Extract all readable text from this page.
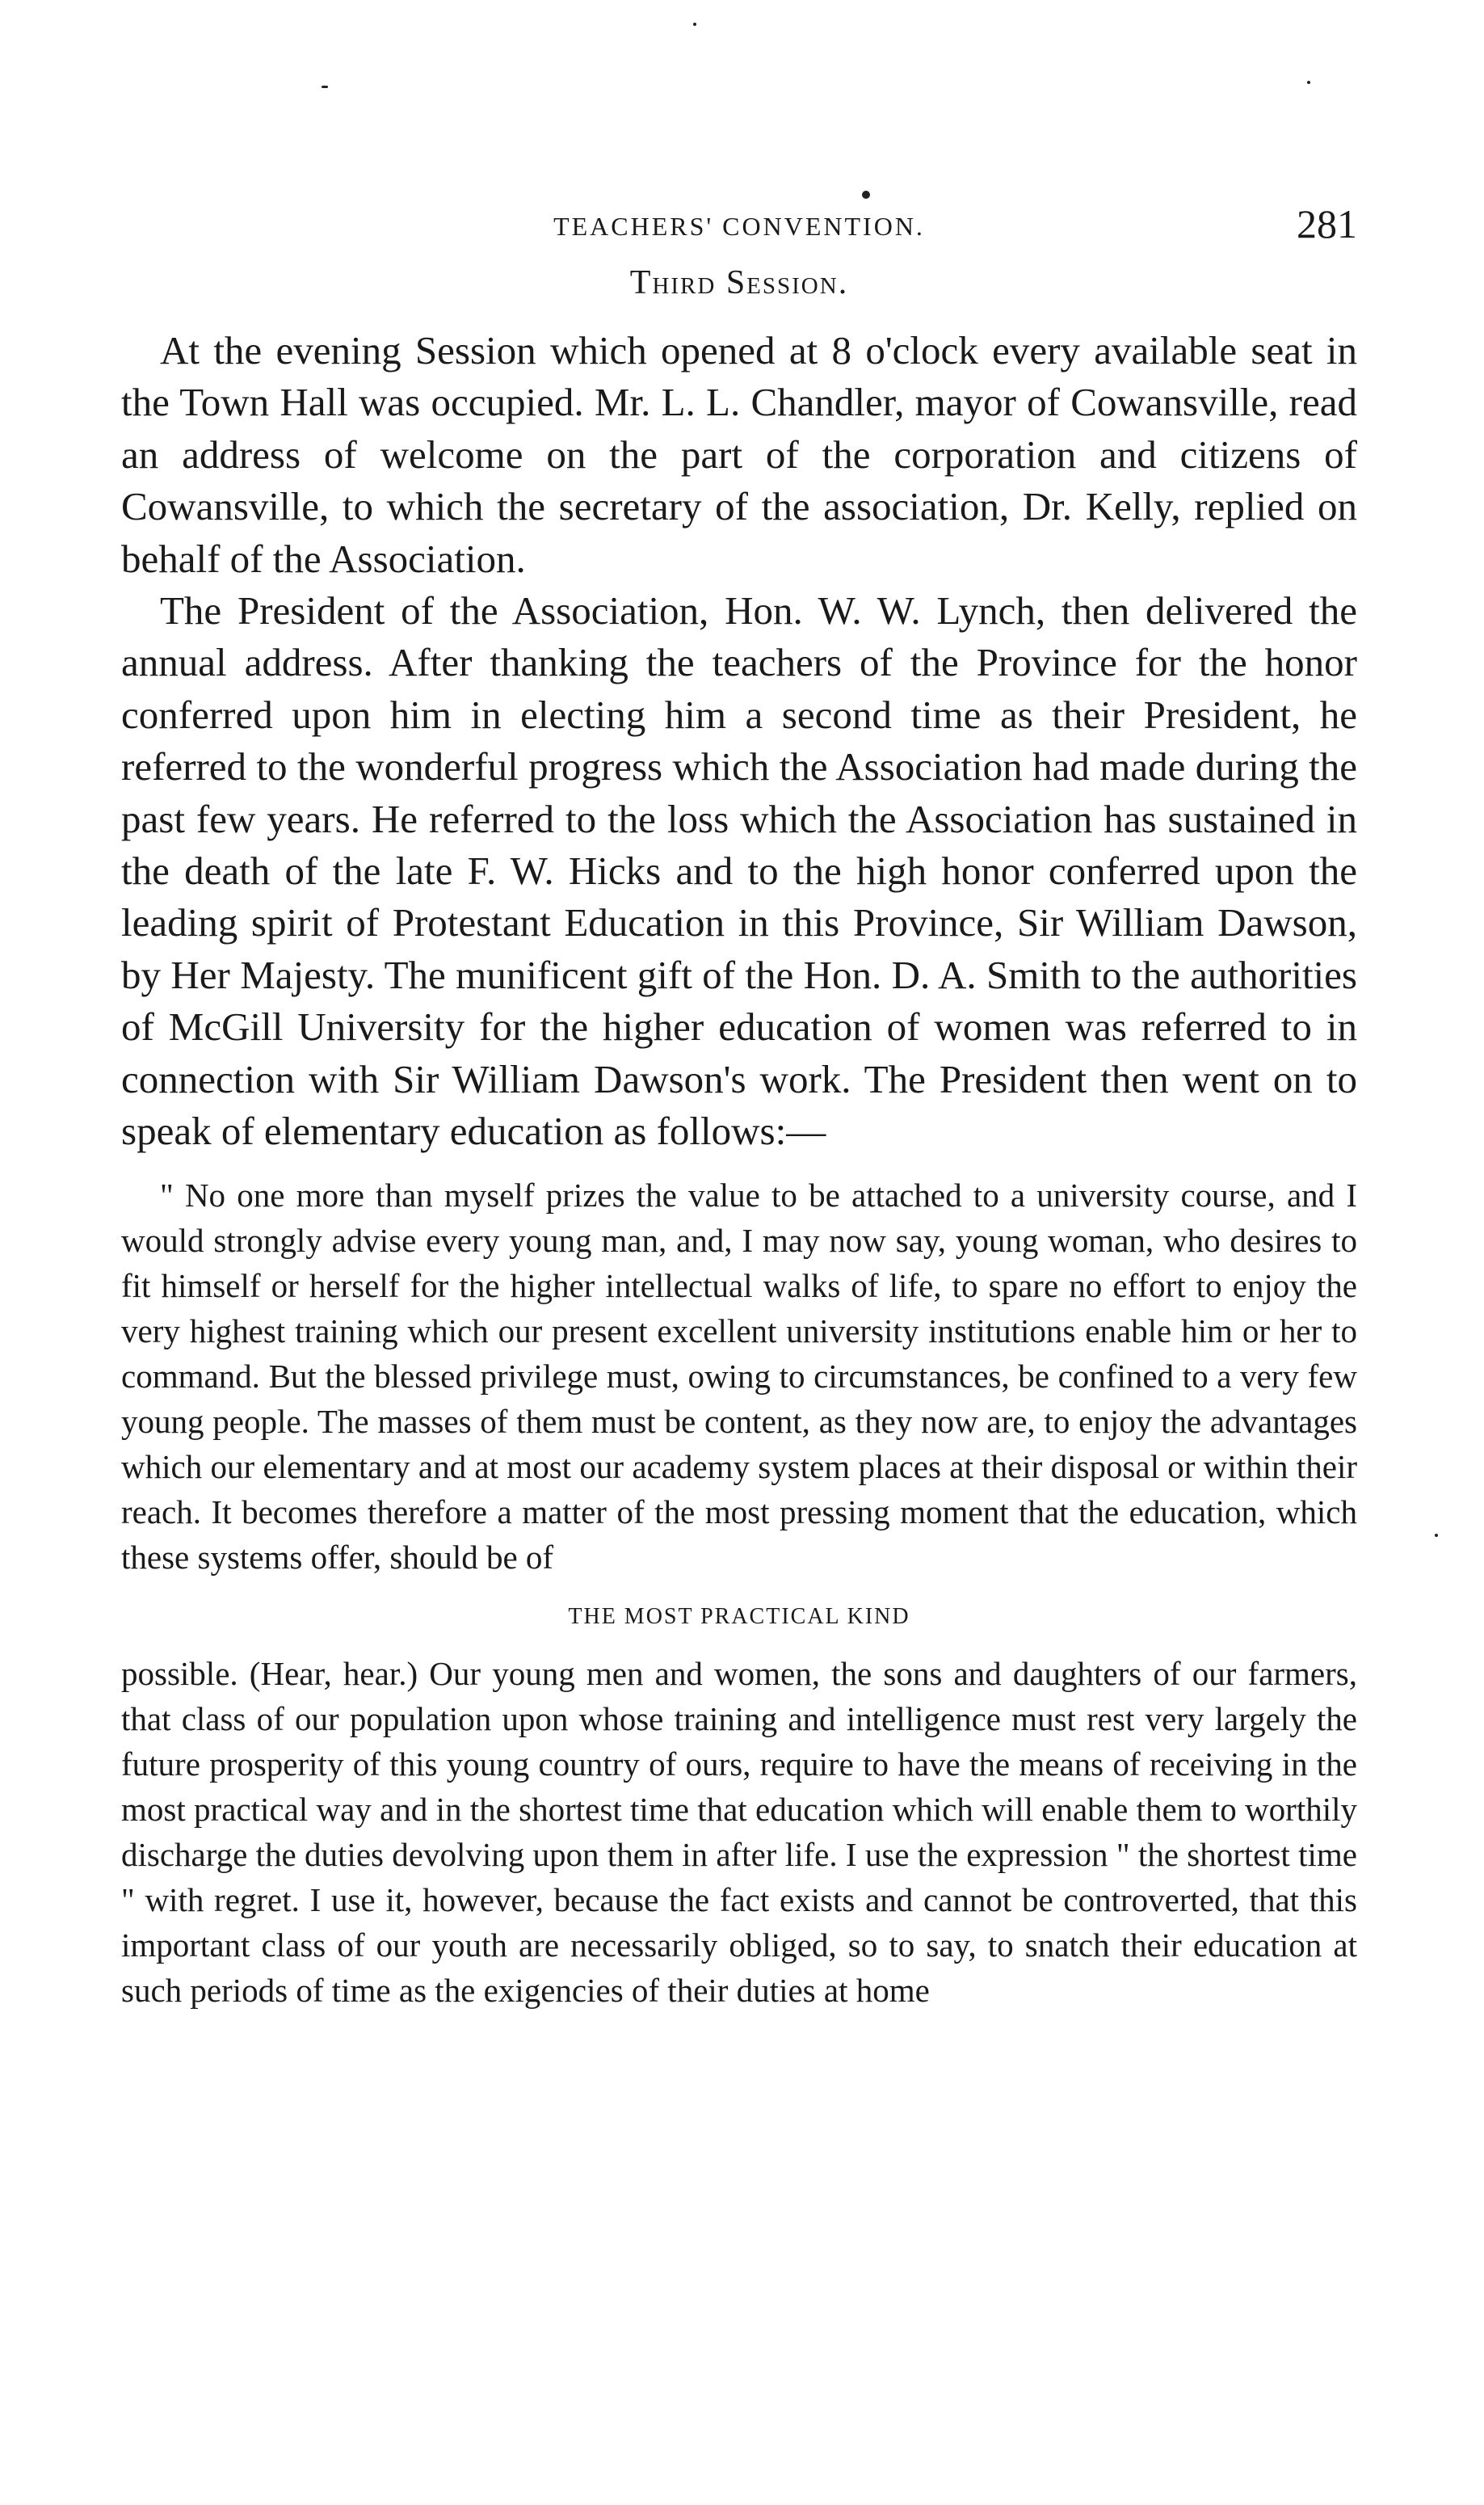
TEACHERS' CONVENTION.	281
Third Session.

At the evening Session which opened at 8 o'clock every available seat in the Town Hall was occupied. Mr. L. L. Chandler, mayor of Cowansville, read an address of welcome on the part of the corporation and citizens of Cowansville, to which the secretary of the association, Dr. Kelly, replied on behalf of the Association.

The President of the Association, Hon. W. W. Lynch, then delivered the annual address. After thanking the teachers of the Province for the honor conferred upon him in electing him a second time as their President, he referred to the wonderful progress which the Association had made during the past few years. He referred to the loss which the Association has sustained in the death of the late F. W. Hicks and to the high honor conferred upon the leading spirit of Protestant Education in this Province, Sir William Dawson, by Her Majesty. The munificent gift of the Hon. D. A. Smith to the authorities of McGill University for the higher education of women was referred to in connection with Sir William Dawson's work. The President then went on to speak of elementary education as follows:—

" No one more than myself prizes the value to be attached to a university course, and I would strongly advise every young man, and, I may now say, young woman, who desires to fit himself or herself for the higher intellectual walks of life, to spare no effort to enjoy the very highest training which our present excellent university institutions enable him or her to command. But the blessed privilege must, owing to circumstances, be confined to a very few young people. The masses of them must be content, as they now are, to enjoy the advantages which our elementary and at most our academy system places at their disposal or within their reach. It becomes therefore a matter of the most pressing moment that the education, which these systems offer, should be of

THE MOST PRACTICAL KIND

possible. (Hear, hear.) Our young men and women, the sons and daughters of our farmers, that class of our population upon whose training and intelligence must rest very largely the future prosperity of this young country of ours, require to have the means of receiving in the most practical way and in the shortest time that education which will enable them to worthily discharge the duties devolving upon them in after life. I use the expression " the shortest time " with regret. I use it, however, because the fact exists and cannot be controverted, that this important class of our youth are necessarily obliged, so to say, to snatch their education at such periods of time as the exigencies of their duties at home
